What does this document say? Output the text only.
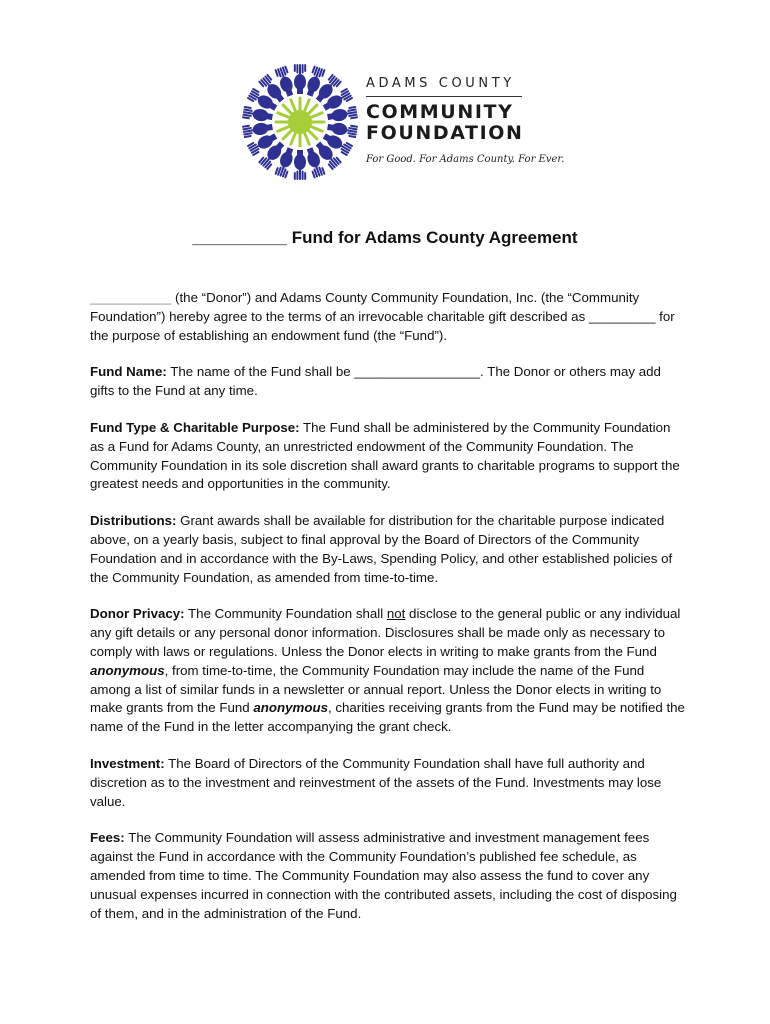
ADAMS COUNTY
COMMUNITY
FOUNDATION
For Good. For Adams County. For Ever.
__________ Fund for Adams County Agreement

___________ (the “Donor”) and Adams County Community Foundation, Inc. (the “Community Foundation”) hereby agree to the terms of an irrevocable charitable gift described as _________ for the purpose of establishing an endowment fund (the “Fund”).

Fund Name: The name of the Fund shall be _________________. The Donor or others may add gifts to the Fund at any time.

Fund Type & Charitable Purpose: The Fund shall be administered by the Community Foundation as a Fund for Adams County, an unrestricted endowment of the Community Foundation. The Community Foundation in its sole discretion shall award grants to charitable programs to support the greatest needs and opportunities in the community.

Distributions: Grant awards shall be available for distribution for the charitable purpose indicated above, on a yearly basis, subject to final approval by the Board of Directors of the Community Foundation and in accordance with the By-Laws, Spending Policy, and other established policies of the Community Foundation, as amended from time-to-time.

Donor Privacy: The Community Foundation shall not disclose to the general public or any individual any gift details or any personal donor information. Disclosures shall be made only as necessary to comply with laws or regulations. Unless the Donor elects in writing to make grants from the Fund anonymous, from time-to-time, the Community Foundation may include the name of the Fund among a list of similar funds in a newsletter or annual report. Unless the Donor elects in writing to make grants from the Fund anonymous, charities receiving grants from the Fund may be notified the name of the Fund in the letter accompanying the grant check.

Investment: The Board of Directors of the Community Foundation shall have full authority and discretion as to the investment and reinvestment of the assets of the Fund. Investments may lose value.

Fees: The Community Foundation will assess administrative and investment management fees against the Fund in accordance with the Community Foundation’s published fee schedule, as amended from time to time. The Community Foundation may also assess the fund to cover any unusual expenses incurred in connection with the contributed assets, including the cost of disposing of them, and in the administration of the Fund.
